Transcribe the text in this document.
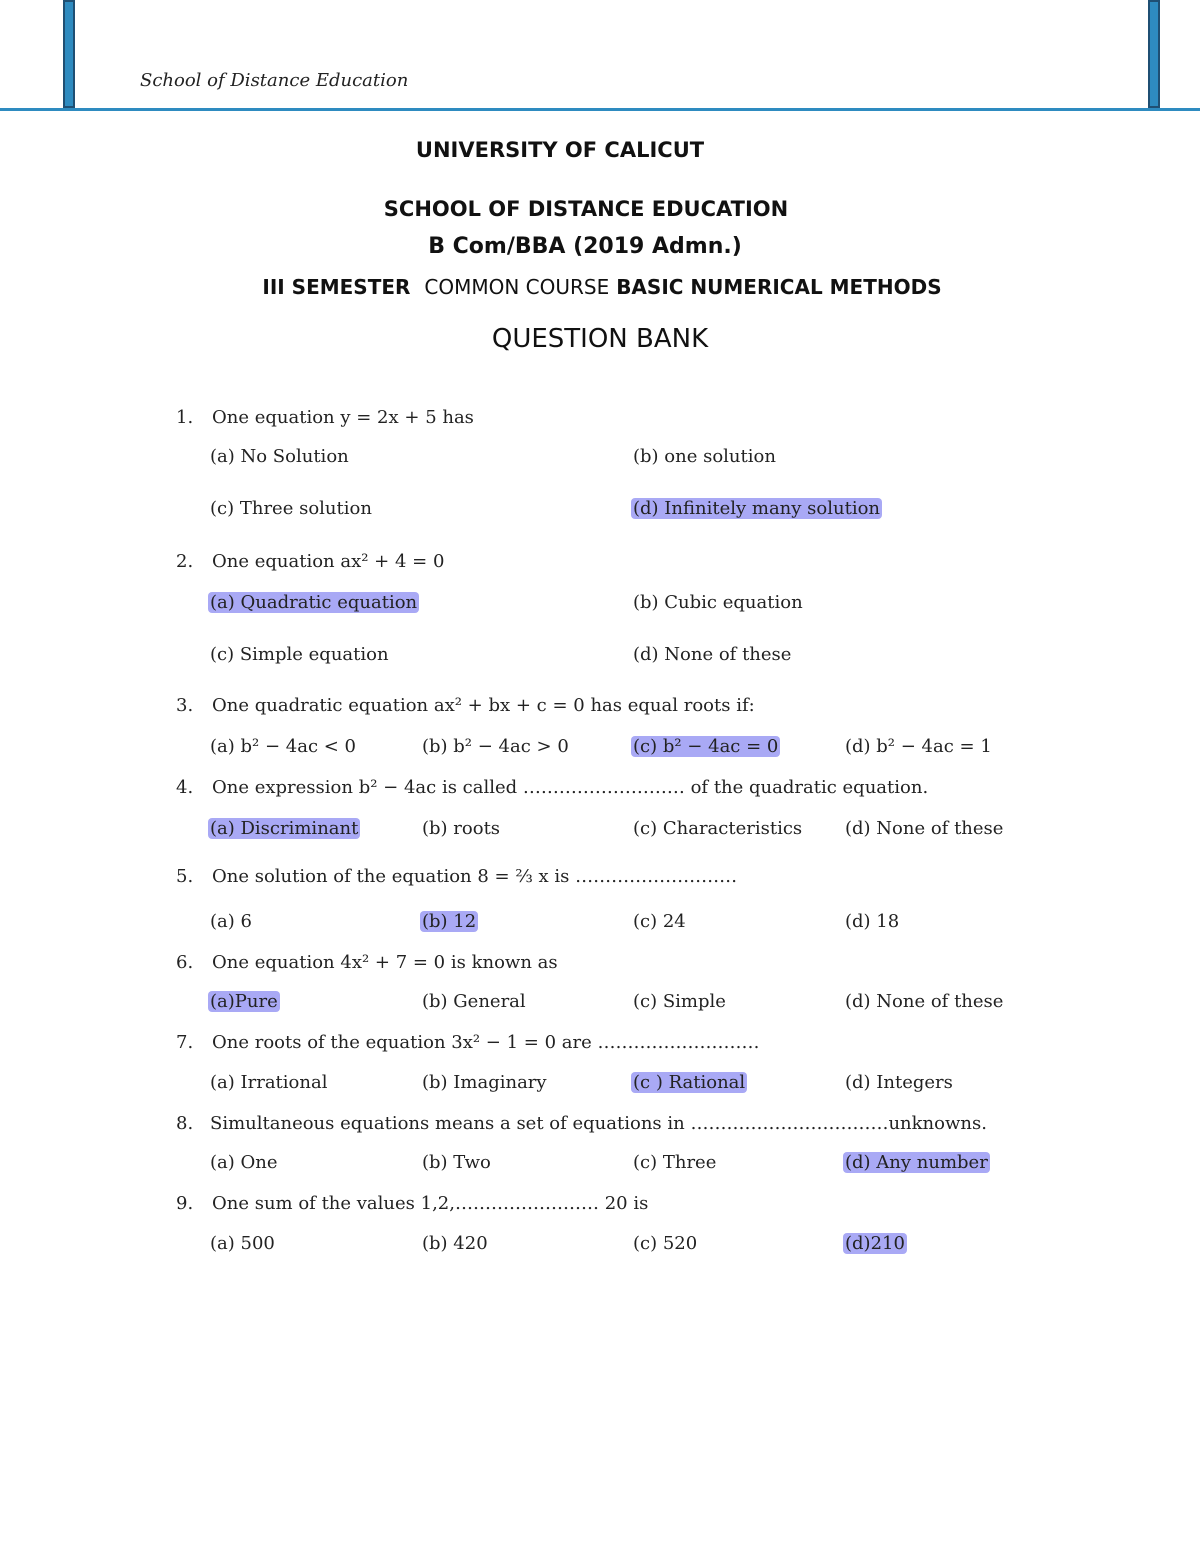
School of Distance Education
UNIVERSITY OF CALICUT
SCHOOL OF DISTANCE EDUCATION
B Com/BBA (2019 Admn.)
III SEMESTER COMMON COURSE BASIC NUMERICAL METHODS
QUESTION BANK
1. One equation y = 2x + 5 has
(a) No Solution	(b) one solution
(c) Three solution	(d) Infinitely many solution
2. One equation ax² + 4 = 0
(a) Quadratic equation	(b) Cubic equation
(c) Simple equation	(d) None of these
3. One quadratic equation ax² + bx + c = 0 has equal roots if:
(a) b² − 4ac < 0	(b) b² − 4ac > 0	(c) b² − 4ac = 0	(d) b² − 4ac = 1
4. One expression b² − 4ac is called ……………………… of the quadratic equation.
(a) Discriminant	(b) roots	(c) Characteristics (d) None of these
5. One solution of the equation 8 = ⅔ x is ………………………
(a) 6	(b) 12	(c) 24	(d) 18
6. One equation 4x² + 7 = 0 is known as
(a)Pure	(b) General	(c) Simple	(d) None of these
7. One roots of the equation 3x² − 1 = 0 are ………………………
(a) Irrational	(b) Imaginary	(c ) Rational	(d) Integers
8. Simultaneous equations means a set of equations in ……………………………unknowns.
(a) One	(b) Two	(c) Three	(d) Any number
9. One sum of the values 1,2,…………………… 20 is
(a) 500	(b) 420	(c) 520	(d)210
